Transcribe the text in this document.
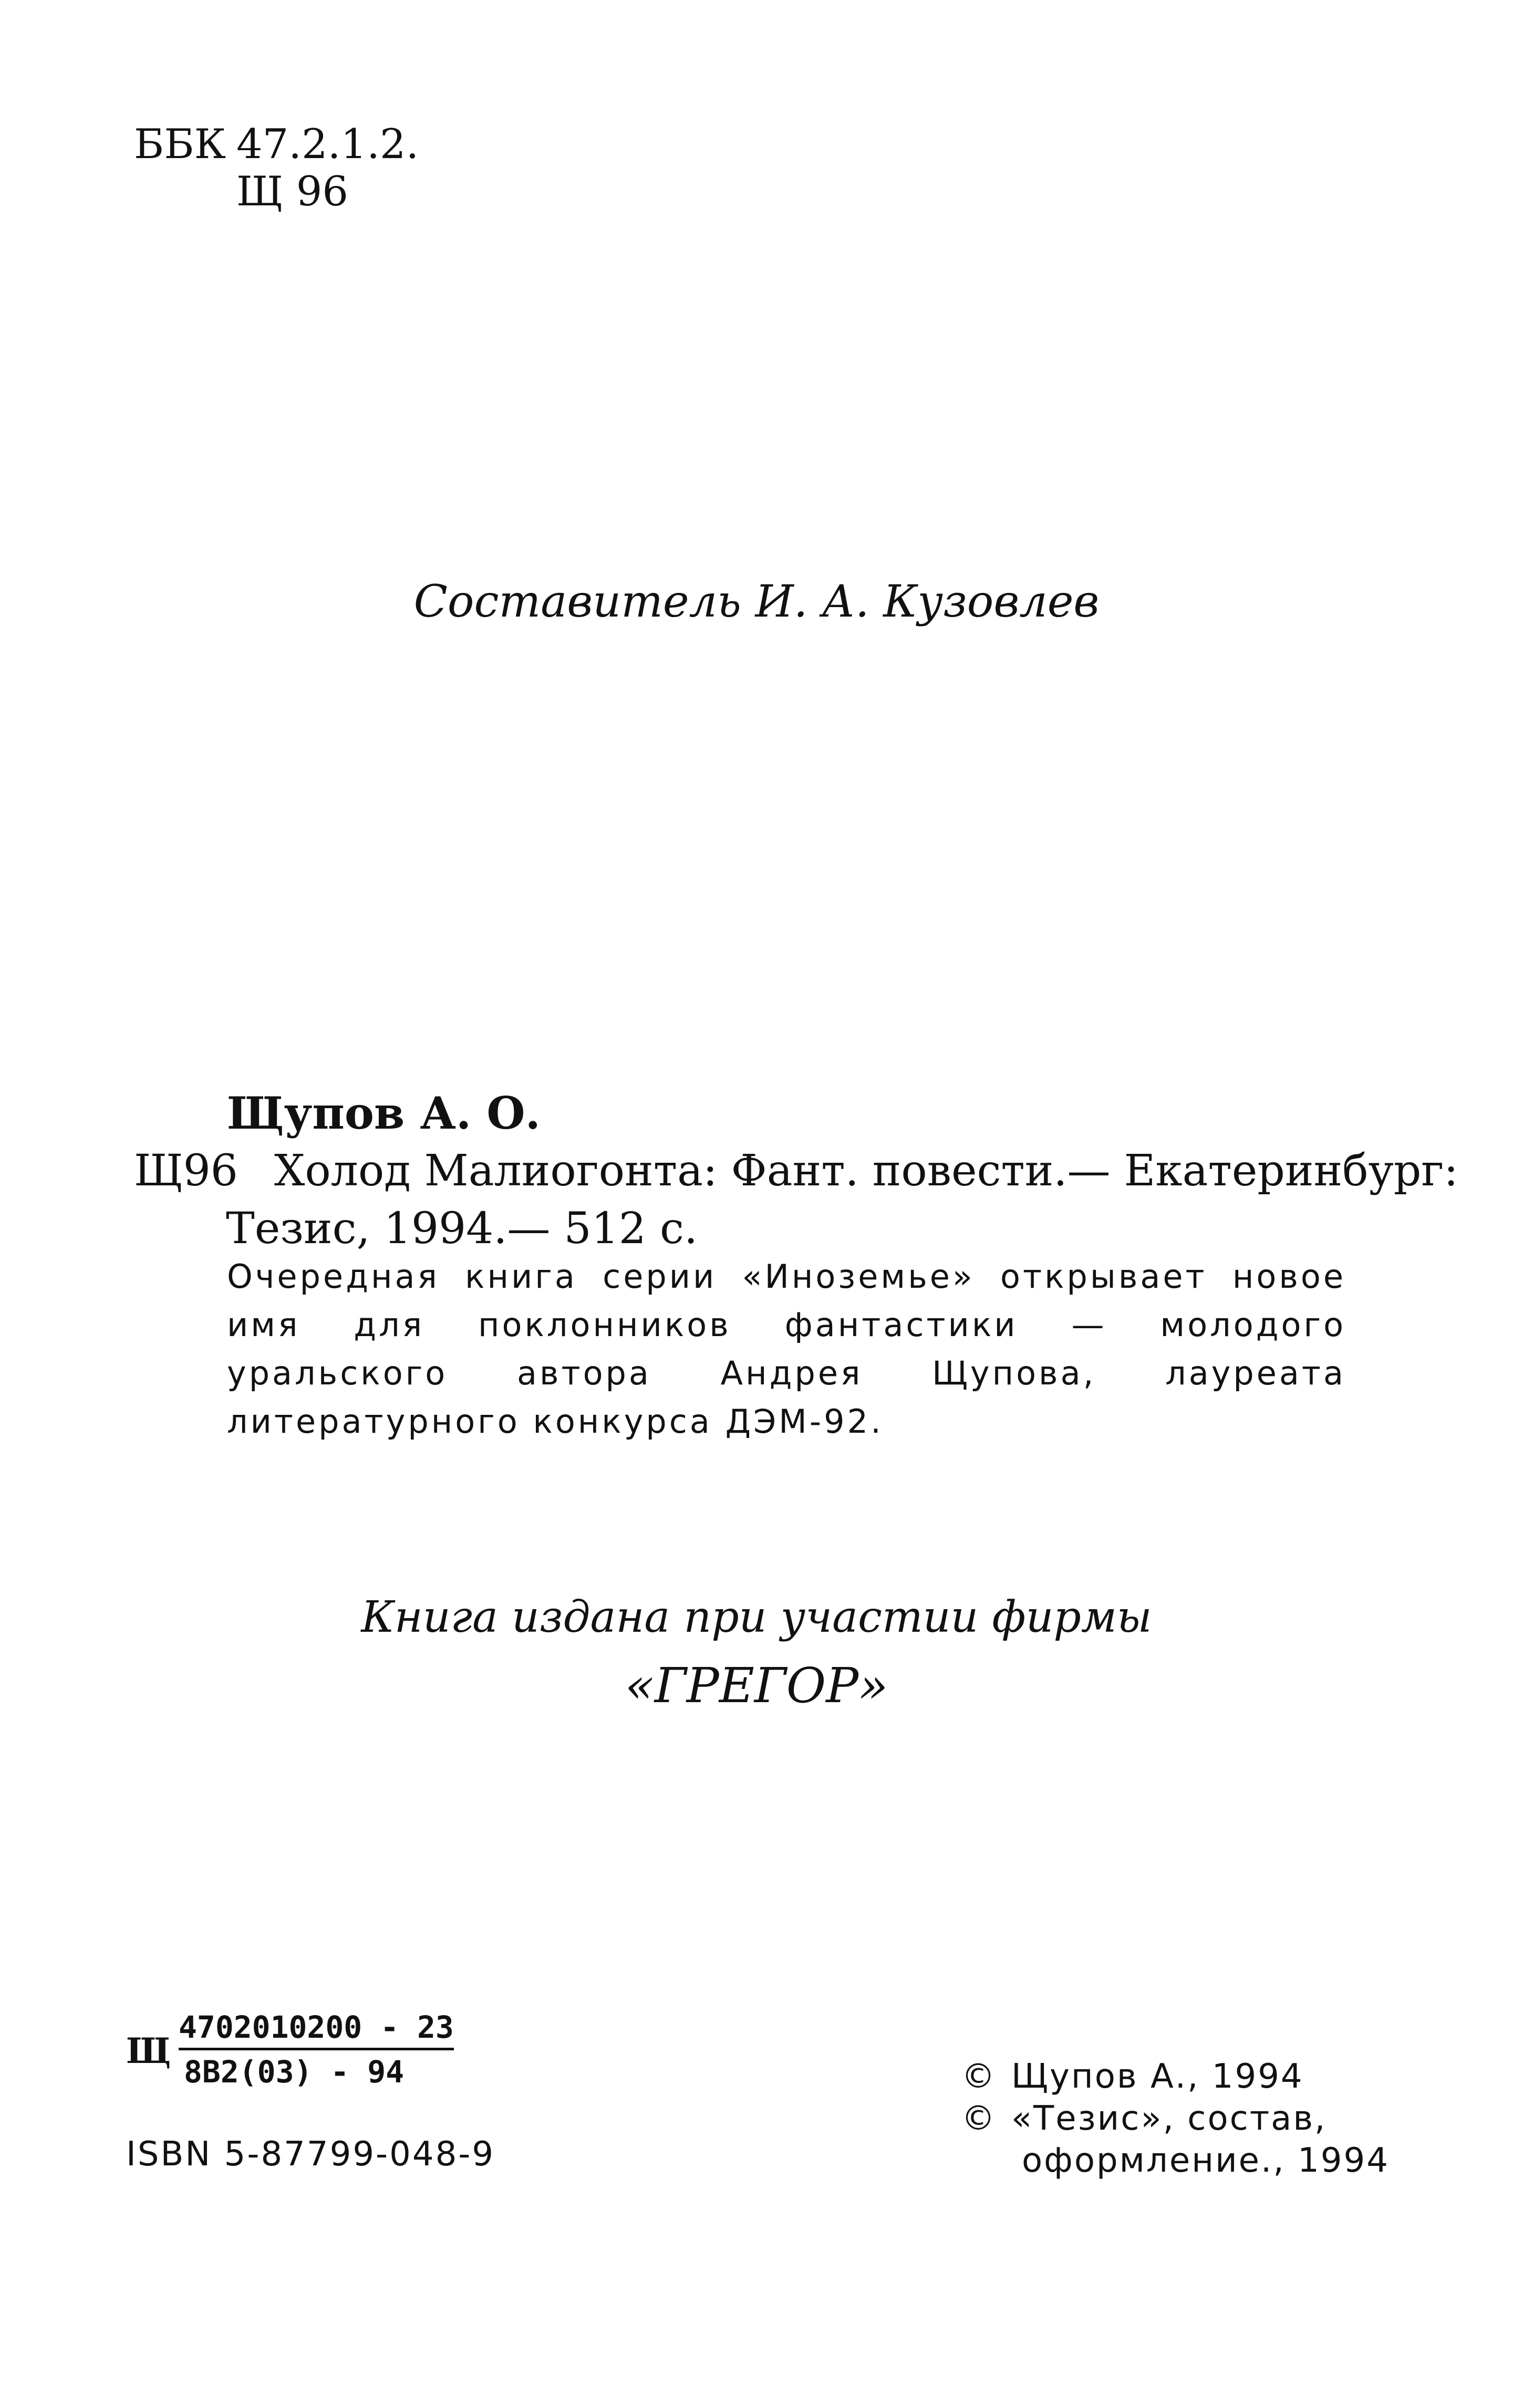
ББК 47.2.1.2.
Щ 96
Составитель И. А. Кузовлев
Щупов А. О.
Щ96 Холод Малиогонта: Фант. повести.— Екатеринбург:
Тезис, 1994.— 512 с.
Очередная книга серии «Иноземье» открывает новое имя для поклонников фантастики — молодого уральского автора Андрея Щупова, лауреата литературного конкурса ДЭМ-92.
Книга издана при участии фирмы
«ГРЕГОР»
Щ
4702010200 - 23
8В2(03) - 94
ISBN 5-87799-048-9
© Щупов А., 1994
© «Тезис», состав,
оформление., 1994
